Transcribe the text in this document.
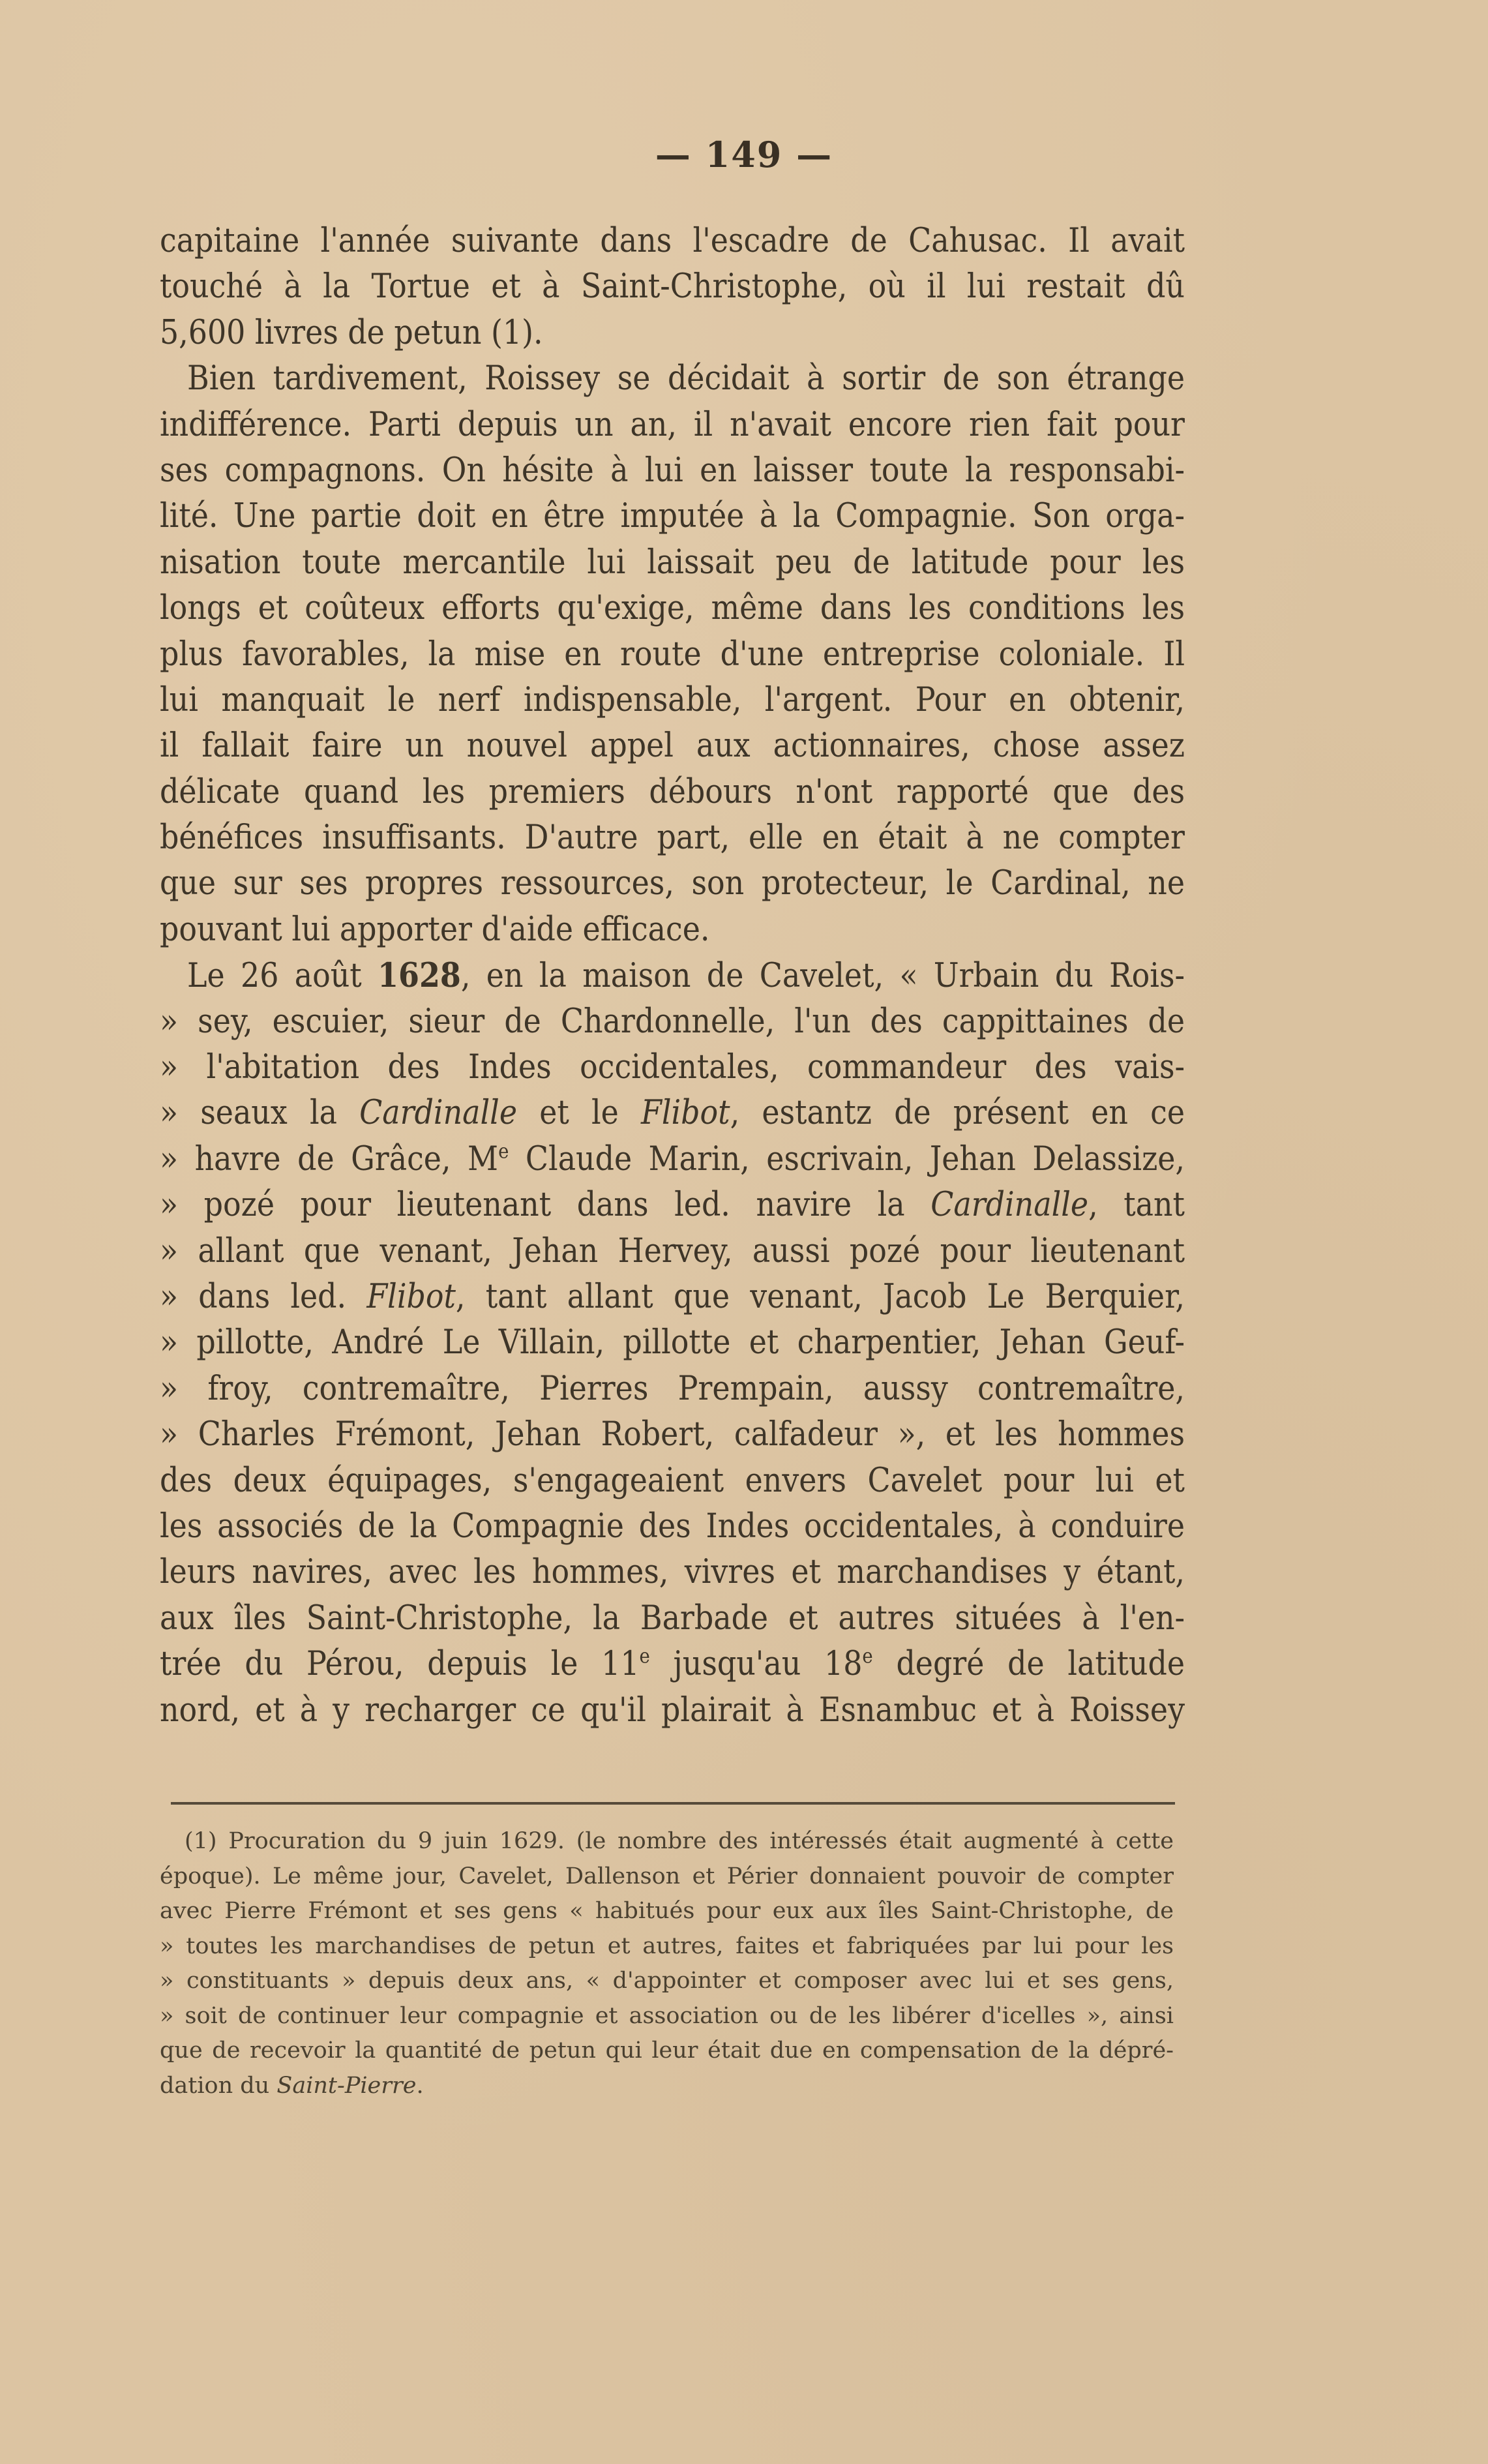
— 149 —
capitaine l'année suivante dans l'escadre de Cahusac. Il avait
touché à la Tortue et à Saint-Christophe, où il lui restait dû
5,600 livres de petun (1).
Bien tardivement, Roissey se décidait à sortir de son étrange
indifférence. Parti depuis un an, il n'avait encore rien fait pour
ses compagnons. On hésite à lui en laisser toute la responsabi-
lité. Une partie doit en être imputée à la Compagnie. Son orga-
nisation toute mercantile lui laissait peu de latitude pour les
longs et coûteux efforts qu'exige, même dans les conditions les
plus favorables, la mise en route d'une entreprise coloniale. Il
lui manquait le nerf indispensable, l'argent. Pour en obtenir,
il fallait faire un nouvel appel aux actionnaires, chose assez
délicate quand les premiers débours n'ont rapporté que des
bénéfices insuffisants. D'autre part, elle en était à ne compter
que sur ses propres ressources, son protecteur, le Cardinal, ne
pouvant lui apporter d'aide efficace.
Le 26 août 1628, en la maison de Cavelet, « Urbain du Rois-
» sey, escuier, sieur de Chardonnelle, l'un des cappittaines de
» l'abitation des Indes occidentales, commandeur des vais-
» seaux la Cardinalle et le Flibot, estantz de présent en ce
» havre de Grâce, Me Claude Marin, escrivain, Jehan Delassize,
» pozé pour lieutenant dans led. navire la Cardinalle, tant
» allant que venant, Jehan Hervey, aussi pozé pour lieutenant
» dans led. Flibot, tant allant que venant, Jacob Le Berquier,
» pillotte, André Le Villain, pillotte et charpentier, Jehan Geuf-
» froy, contremaître, Pierres Prempain, aussy contremaître,
» Charles Frémont, Jehan Robert, calfadeur », et les hommes
des deux équipages, s'engageaient envers Cavelet pour lui et
les associés de la Compagnie des Indes occidentales, à conduire
leurs navires, avec les hommes, vivres et marchandises y étant,
aux îles Saint-Christophe, la Barbade et autres situées à l'en-
trée du Pérou, depuis le 11e jusqu'au 18e degré de latitude
nord, et à y recharger ce qu'il plairait à Esnambuc et à Roissey
(1) Procuration du 9 juin 1629. (le nombre des intéressés était augmenté à cette
époque). Le même jour, Cavelet, Dallenson et Périer donnaient pouvoir de compter
avec Pierre Frémont et ses gens « habitués pour eux aux îles Saint-Christophe, de
» toutes les marchandises de petun et autres, faites et fabriquées par lui pour les
» constituants » depuis deux ans, « d'appointer et composer avec lui et ses gens,
» soit de continuer leur compagnie et association ou de les libérer d'icelles », ainsi
que de recevoir la quantité de petun qui leur était due en compensation de la dépré-
dation du Saint-Pierre.
